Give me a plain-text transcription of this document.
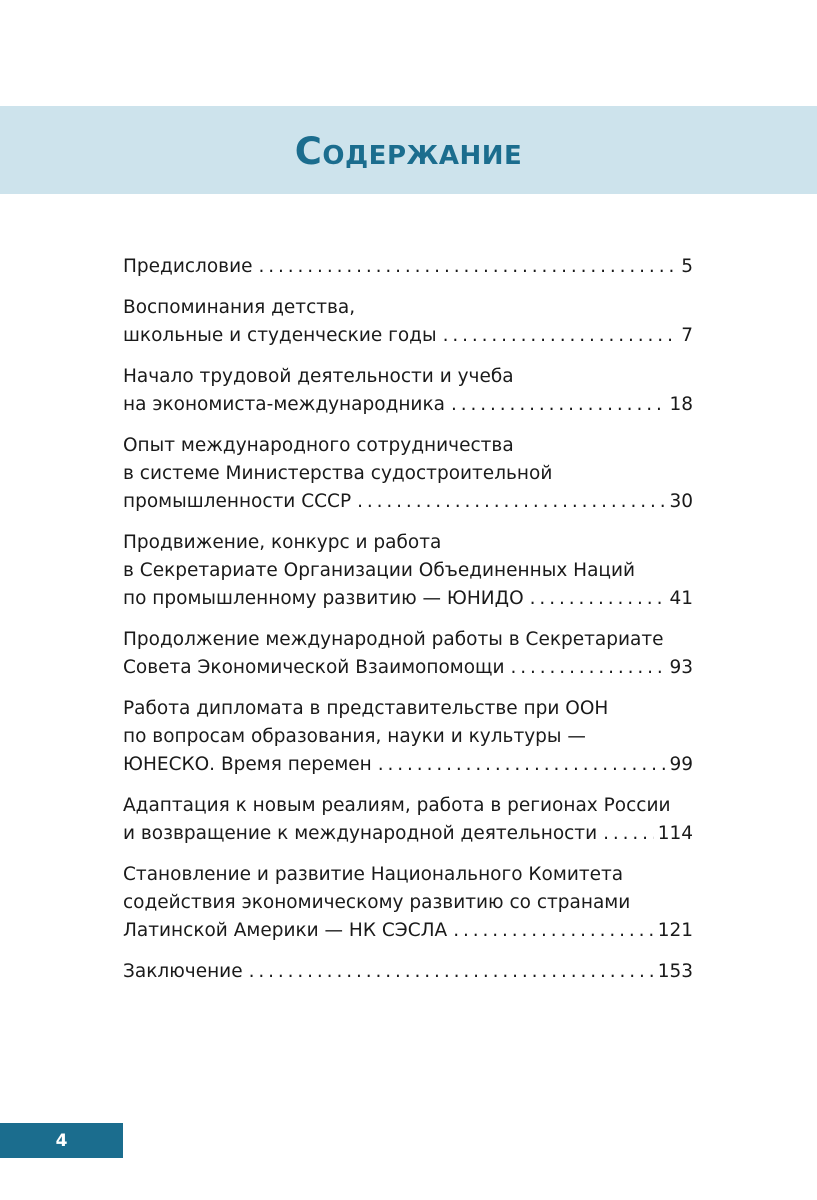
Содержание
Предисловие . . .	5
Воспоминания детства,
школьные и студенческие годы . . .	7
Начало трудовой деятельности и учеба
на экономиста-международника . . .	18
Опыт международного сотрудничества
в системе Министерства судостроительной
промышленности СССР . . .	30
Продвижение, конкурс и работа
в Секретариате Организации Объединенных Наций
по промышленному развитию — ЮНИДО . . .	41
Продолжение международной работы в Секретариате
Совета Экономической Взаимопомощи . . .	93
Работа дипломата в представительстве при ООН
по вопросам образования, науки и культуры —
ЮНЕСКО. Время перемен . . .	99
Адаптация к новым реалиям, работа в регионах России
и возвращение к международной деятельности . . .	114
Становление и развитие Национального Комитета
содействия экономическому развитию со странами
Латинской Америки — НК СЭСЛА . . .	121
Заключение . . .	153
4
